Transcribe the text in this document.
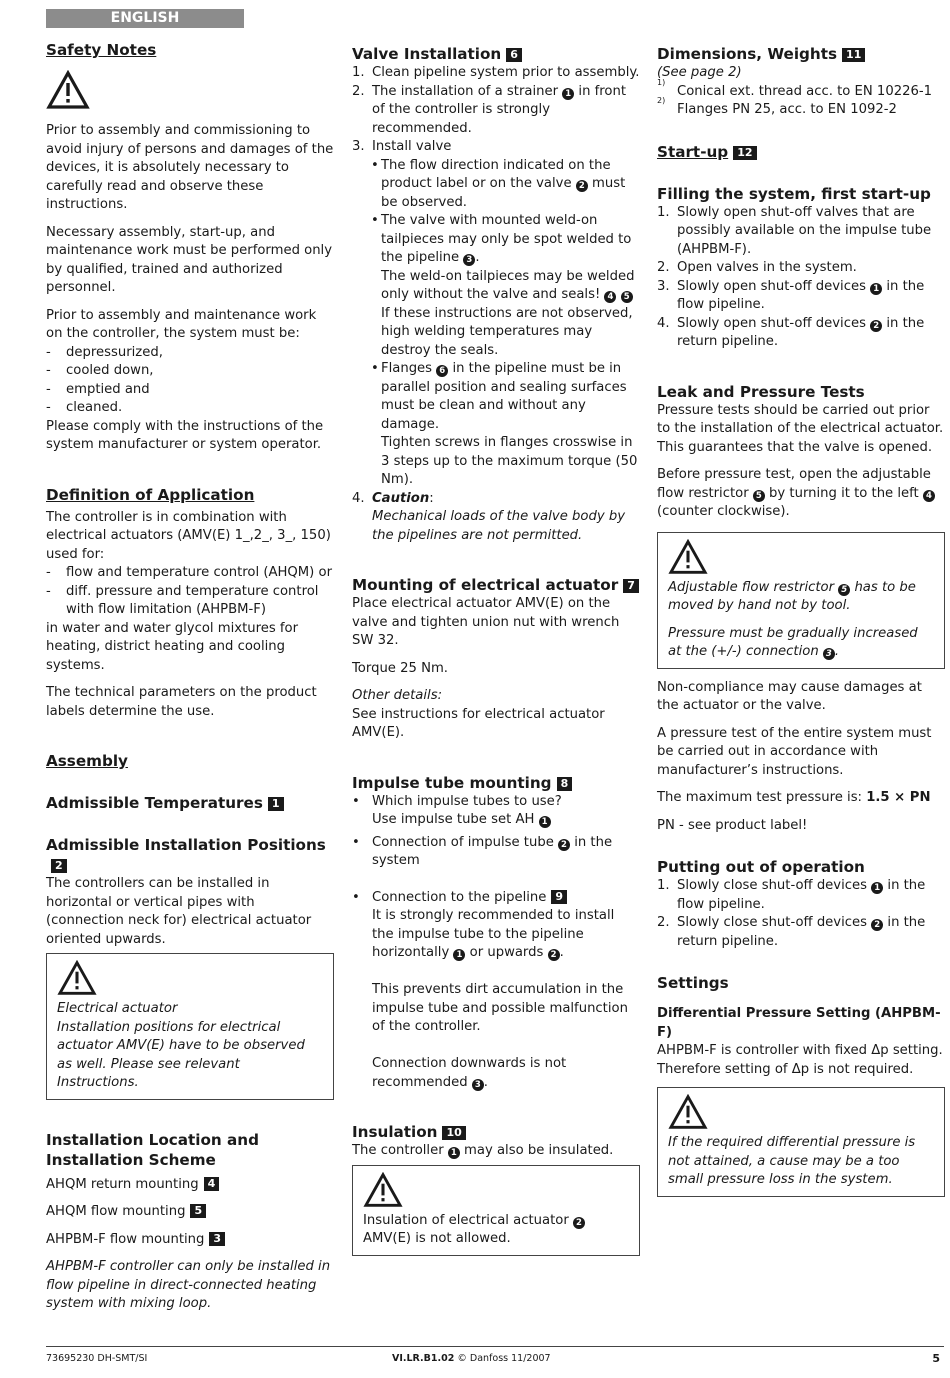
ENGLISH
Safety Notes

Prior to assembly and commissioning to avoid injury of persons and damages of the devices, it is absolutely necessary to carefully read and observe these instructions.

Necessary assembly, start-up, and maintenance work must be performed only by qualified, trained and authorized personnel.

Prior to assembly and maintenance work on the controller, the system must be:

- depressurized,
- cooled down,
- emptied and
- cleaned.

Please comply with the instructions of the system manufacturer or system operator.

Definition of Application

The controller is in combination with electrical actuators (AMV(E) 1_,2_, 3_, 150) used for:

- flow and temperature control (AHQM) or
- diff. pressure and temperature control with flow limitation (AHPBM-F)

in water and water glycol mixtures for heating, district heating and cooling systems.

The technical parameters on the product labels determine the use.

Assembly
Admissible Temperatures 1
Admissible Installation Positions2

The controllers can be installed in horizontal or vertical pipes with (connection neck for) electrical actuator oriented upwards.

Electrical actuator

Installation positions for electrical actuator AMV(E) have to be observed as well. Please see relevant Instructions.

Installation Location and Installation Scheme

AHQM return mounting 4

AHQM flow mounting 5

AHPBM-F flow mounting 3

AHPBM-F controller can only be installed in flow pipeline in direct-connected heating system with mixing loop.

Valve Installation 6
1. Clean pipeline system prior to assembly.
2. The installation of a strainer 1 in front of the controller is strongly recommended.
3. Install valve
• The flow direction indicated on the product label or on the valve 2 must be observed.
• The valve with mounted weld-on tailpieces may only be spot welded to the pipeline 3 .
The weld-on tailpieces may be welded only without the valve and seals! 4 5
If these instructions are not observed, high welding temperatures may destroy the seals.
• Flanges 6 in the pipeline must be in parallel position and sealing surfaces must be clean and without any damage.
Tighten screws in flanges crosswise in 3 steps up to the maximum torque (50 Nm).
4. Caution:
Mechanical loads of the valve body by the pipelines are not permitted.
Mounting of electrical actuator 7

Place electrical actuator AMV(E) on the valve and tighten union nut with wrench SW 32.

Torque 25 Nm.

Other details:

See instructions for electrical actuator AMV(E).

Impulse tube mounting 8
• Which impulse tubes to use?
Use impulse tube set AH 1
• Connection of impulse tube 2 in the system
• Connection to the pipeline 9
It is strongly recommended to install the impulse tube to the pipeline horizontally 1 or upwards 2 .

This prevents dirt accumulation in the impulse tube and possible malfunction of the controller.

Connection downwards is not recommended 3 .
Insulation 10

The controller 1 may also be insulated.

Insulation of electrical actuator 2
AMV(E) is not allowed.

Dimensions, Weights 11

(See page 2)

1)
Conical ext. thread acc. to EN 10226-1

2)
Flanges PN 25, acc. to EN 1092-2

Start-up 12
Filling the system, first start-up
1. Slowly open shut-off valves that are possibly available on the impulse tube (AHPBM-F).
2. Open valves in the system.
3. Slowly open shut-off devices 1 in the flow pipeline.
4. Slowly open shut-off devices 2 in the return pipeline.
Leak and Pressure Tests

Pressure tests should be carried out prior to the installation of the electrical actuator. This guarantees that the valve is opened.

Before pressure test, open the adjustable flow restrictor 5 by turning it to the left 4 (counter clockwise).

Adjustable flow restrictor 5 has to be moved by hand not by tool.

Pressure must be gradually increased at the (+/-) connection 3 .

Non-compliance may cause damages at the actuator or the valve.

A pressure test of the entire system must be carried out in accordance with manufacturer’s instructions.

The maximum test pressure is: 1.5 × PN

PN - see product label!

Putting out of operation
1. Slowly close shut-off devices 1 in the flow pipeline.
2. Slowly close shut-off devices 2 in the return pipeline.
Settings

Differential Pressure Setting (AHPBM-F)

AHPBM-F is controller with fixed Δp setting. Therefore setting of Δp is not required.

If the required differential pressure is not attained, a cause may be a too small pressure loss in the system.

73695230 DH-SMT/SI	VI.LR.B1.02 © Danfoss 11/2007	5
